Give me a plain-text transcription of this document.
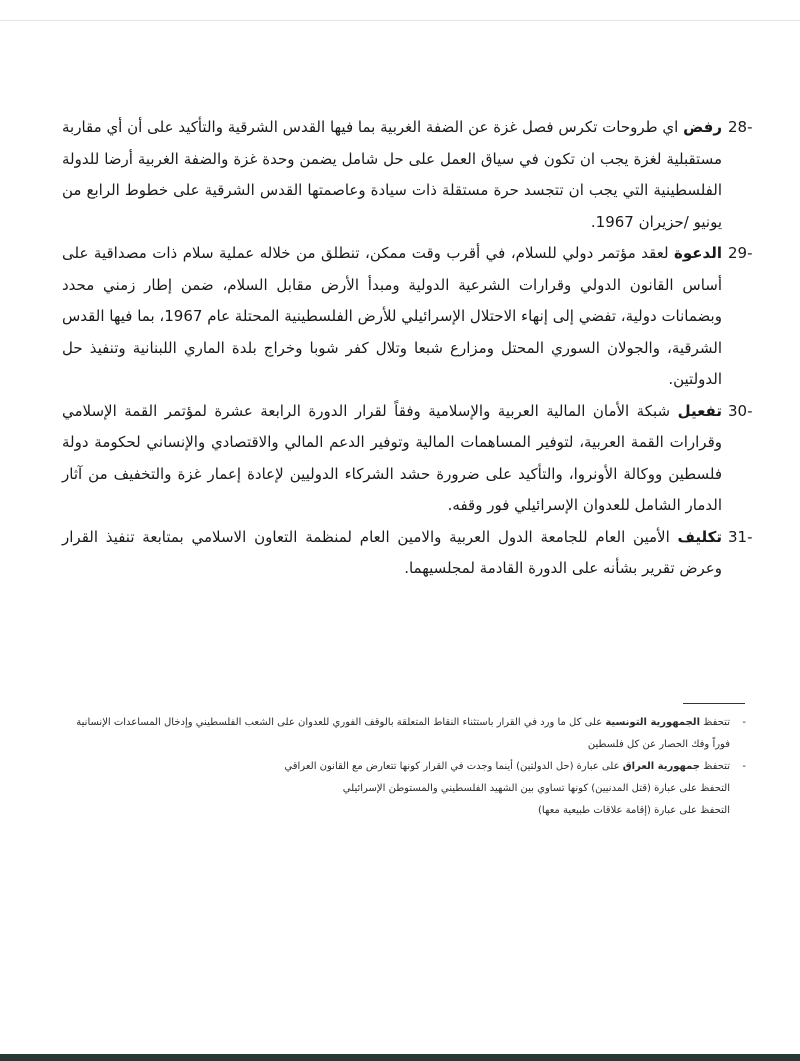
28-
رفض اي طروحات تكرس فصل غزة عن الضفة الغربية بما فيها القدس الشرقية والتأكيد على أن أي مقاربة مستقبلية لغزة يجب ان تكون في سياق العمل على حل شامل يضمن وحدة غزة والضفة الغربية أرضا للدولة الفلسطينية التي يجب ان تتجسد حرة مستقلة ذات سيادة وعاصمتها القدس الشرقية على خطوط الرابع من يونيو /حزيران 1967.

29-
الدعوة لعقد مؤتمر دولي للسلام، في أقرب وقت ممكن، تنطلق من خلاله عملية سلام ذات مصداقية على أساس القانون الدولي وقرارات الشرعية الدولية ومبدأ الأرض مقابل السلام، ضمن إطار زمني محدد وبضمانات دولية، تفضي إلى إنهاء الاحتلال الإسرائيلي للأرض الفلسطينية المحتلة عام 1967، بما فيها القدس الشرقية، والجولان السوري المحتل ومزارع شبعا وتلال كفر شوبا وخراج بلدة الماري اللبنانية وتنفيذ حل الدولتين.

30-
تفعيل شبكة الأمان المالية العربية والإسلامية وفقاً لقرار الدورة الرابعة عشرة لمؤتمر القمة الإسلامي وقرارات القمة العربية، لتوفير المساهمات المالية وتوفير الدعم المالي والاقتصادي والإنساني لحكومة دولة فلسطين ووكالة الأونروا، والتأكيد على ضرورة حشد الشركاء الدوليين لإعادة إعمار غزة والتخفيف من آثار الدمار الشامل للعدوان الإسرائيلي فور وقفه.

31-
تكليف الأمين العام للجامعة الدول العربية والامين العام لمنظمة التعاون الاسلامي بمتابعة تنفيذ القرار وعرض تقرير بشأنه على الدورة القادمة لمجلسيهما.

-
تتحفظ الجمهورية التونسية على كل ما ورد في القرار باستثناء النقاط المتعلقة بالوقف الفوري للعدوان على الشعب الفلسطيني وإدخال المساعدات الإنسانية فوراً وفك الحصار عن كل فلسطين

-
تتحفظ جمهورية العراق على عبارة (حل الدولتين) أينما وجدت في القرار كونها تتعارض مع القانون العراقي

التحفظ على عبارة (قتل المدنيين) كونها تساوي بين الشهيد الفلسطيني والمستوطن الإسرائيلي

التحفظ على عبارة (إقامة علاقات طبيعية معها)
